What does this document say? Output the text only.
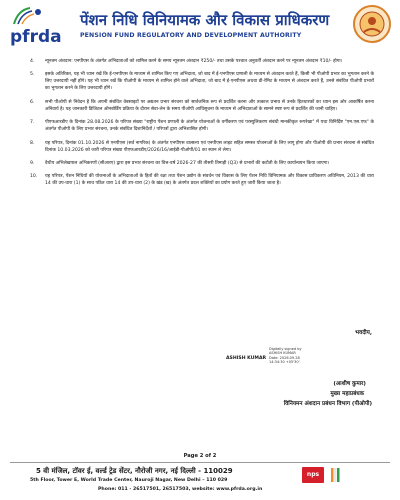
pfrda
पेंशन निधि विनियामक और विकास प्राधिकरण
PENSION FUND REGULATORY AND DEVELOPMENT AUTHORITY
4. न्यूनतम अंशदान: एनपीएस के अंतर्गत अभिदाताओं को शामिल करने के समय न्यूनतम अंशदान ₹250/- तथा उसके पश्चात अनुवर्ती अंशदान करने पर न्यूनतम अंशदान ₹10/- होगा।
5. इसके अतिरिक्त, यह भी ध्यान रखें कि ई-एनपीएस के माध्यम से शामिल किए गए अभिदाता, जो बाद में ई-एनपीएस प्रणाली के माध्यम से अंशदान करते हैं, किसी भी पीओपी प्रभार का भुगतान करने के लिए उत्तरदायी नहीं होंगे। यह भी ध्यान रखें कि पीओपी के माध्यम से शामिल होने वाले अभिदाता, जो बाद में ई-एनपीएस अथवा डी-रेमिट के माध्यम से अंशदान करते हैं, उनसे संबंधित पीओपी प्रभारों का भुगतान करने के लिए उत्तरदायी होंगे।
6. सभी पीओपी से निवेदन है कि अपनी संबंधित वेबसाइटों पर अद्यतन प्रभार संरचना को सार्वजनिक रूप से प्रदर्शित करना और तत्काल प्रभाव से उनके हितधारकों का ध्यान इस ओर आकर्षित करना अनिवार्य है। यह जानकारी डिजिटल ऑनबोर्डिंग प्रक्रिया के दौरान सेवा-लेन के समय पीओपी आधिसूचना के माध्यम से अभिदाताओं के सामने स्पष्ट रूप से प्रदर्शित की जानी चाहिए।
7. पीएफआरडीए के दिनांक 28.08.2026 के परिपत्र संख्या "राष्ट्रीय पेंशन प्रणाली के अंतर्गत योजनाओं के वर्गीकरण एवं परस्युलिकरण संबंधी मानकीकृत रूपरेखा" में यथा विनिर्दिष्ट "एम.एस.एफ" के अंतर्गत पीओपी के लिए प्रभार संरचना, उनके संबंधित दिशानिर्देशों / परिपत्रों द्वारा अभिशासित होगी।
8. यह परिपत्र, दिनांक 01.10.2026 से एनपीएस (सर्व नागरिक) के अंतर्गत एनपीएस वात्सल्य एवं एनपीएस लाइट सहित समस्त योजनाओं के लिए लागू होगा और पीओपी की प्रभार संरचना से संबंधित दिनांक 10.03.2026 को जारी परिपत्र संख्या पीएफआरडीए/2026/16/आईडी-पीओपी/01 का स्थान ले लेगा।
9. वैधीय अभिलेखपाल अभिकरणों (सीआरए) द्वारा इस प्रभार संरचना का वित्त-वर्ष 2026-27 की तीसरी तिमाही (Q3) से प्रभारों की कटौती के लिए कार्यान्वयन किया जाएगा।
10. यह परिपत्र, पेंशन निधियों की योजनाओं के अभिदाताओं के हितों की रक्षा तथा पेंशन उद्योग के संवर्धन एवं विकास के लिए पेंशन निधि विनियामक और विकास प्राधिकरण अधिनियम, 2013 की धारा 14 की उप-धारा (1) के साथ पठित धारा 14 की उप-धारा (2) के खंड (ख) के अंतर्गत प्रदत्त शक्तियों का प्रयोग करते हुए जारी किया जाता है।
भवदीय,
ASHISH KUMAR
Digitally signed by
ASHISH KUMAR
Date: 2026.09.28
14:34:30 +05'30'
(आशीष कुमार)
मुख्य महाप्रबंधक
विनियमन अंशदान प्रबंधन विभाग (पीओपी)
Page 2 of 2
5 वी मंजिल, टॉवर ई, वर्ल्ड ट्रेड सेंटर, नौरोजी नगर, नई दिल्ली - 110029
5th Floor, Tower E, World Trade Center, Nauroji Nagar, New Delhi – 110 029
Phone: 011 - 26517501, 26517503, website: www.pfrda.org.in
nps
